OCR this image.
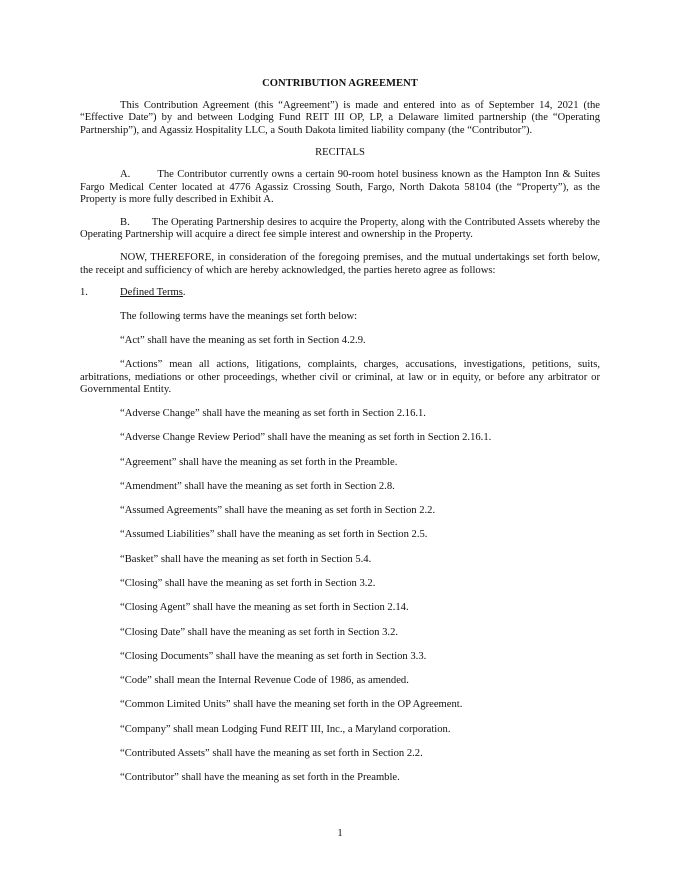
CONTRIBUTION AGREEMENT

This Contribution Agreement (this “Agreement”) is made and entered into as of September 14, 2021 (the “Effective Date”) by and between Lodging Fund REIT III OP, LP, a Delaware limited partnership (the “Operating Partnership”), and Agassiz Hospitality LLC, a South Dakota limited liability company (the “Contributor”).

RECITALS

A.	The Contributor currently owns a certain 90-room hotel business known as the Hampton Inn & Suites Fargo Medical Center located at 4776 Agassiz Crossing South, Fargo, North Dakota 58104 (the “Property”), as the Property is more fully described in Exhibit A.

B. The Operating Partnership desires to acquire the Property, along with the Contributed Assets whereby the Operating Partnership will acquire a direct fee simple interest and ownership in the Property.

NOW, THEREFORE, in consideration of the foregoing premises, and the mutual undertakings set forth below, the receipt and sufficiency of which are hereby acknowledged, the parties hereto agree as follows:

1.	Defined Terms.

The following terms have the meanings set forth below:
“Act” shall have the meaning as set forth in Section 4.2.9.

“Actions” mean all actions, litigations, complaints, charges, accusations, investigations, petitions, suits, arbitrations, mediations or other proceedings, whether civil or criminal, at law or in equity, or before any arbitrator or Governmental Entity.

“Adverse Change” shall have the meaning as set forth in Section 2.16.1.
“Adverse Change Review Period” shall have the meaning as set forth in Section 2.16.1.
“Agreement” shall have the meaning as set forth in the Preamble.
“Amendment” shall have the meaning as set forth in Section 2.8.
“Assumed Agreements” shall have the meaning as set forth in Section 2.2.
“Assumed Liabilities” shall have the meaning as set forth in Section 2.5.
“Basket” shall have the meaning as set forth in Section 5.4.
“Closing” shall have the meaning as set forth in Section 3.2.
“Closing Agent” shall have the meaning as set forth in Section 2.14.
“Closing Date” shall have the meaning as set forth in Section 3.2.
“Closing Documents” shall have the meaning as set forth in Section 3.3.
“Code” shall mean the Internal Revenue Code of 1986, as amended.
“Common Limited Units” shall have the meaning set forth in the OP Agreement.
“Company” shall mean Lodging Fund REIT III, Inc., a Maryland corporation.
“Contributed Assets” shall have the meaning as set forth in Section 2.2.
“Contributor” shall have the meaning as set forth in the Preamble.
1
